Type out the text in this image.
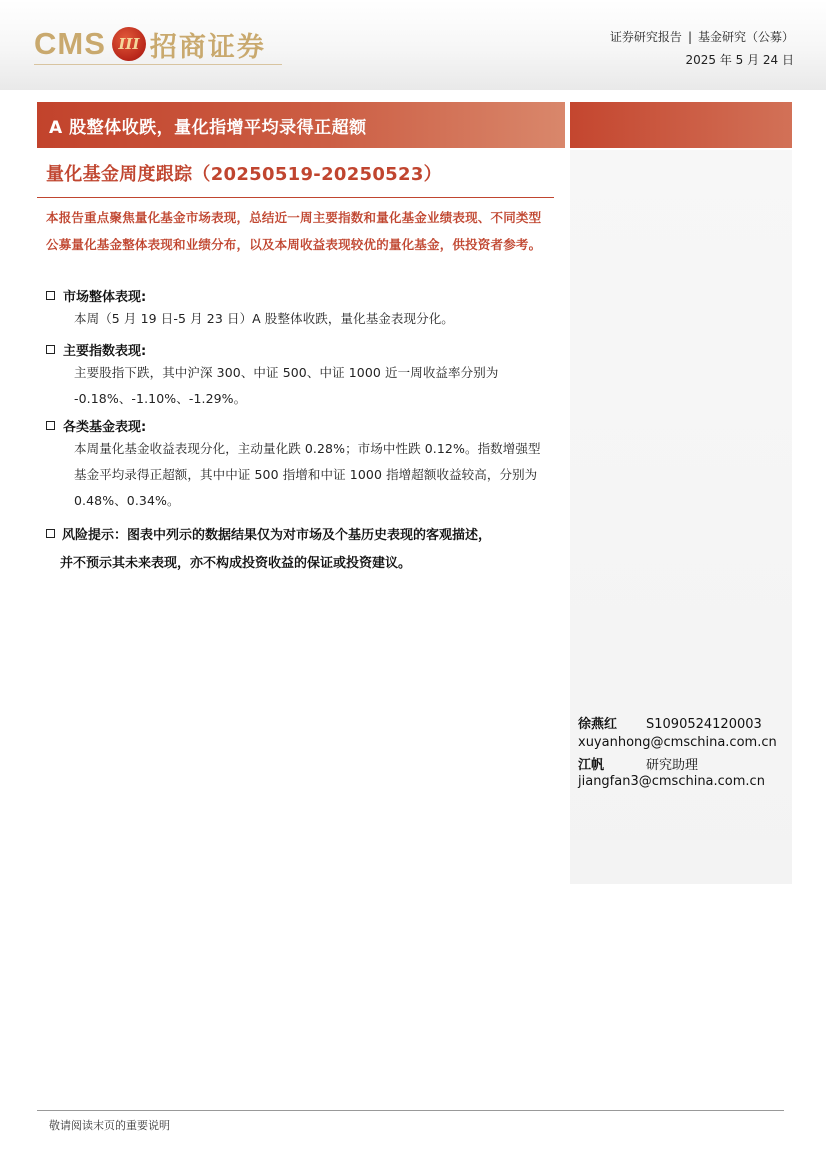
CMS III 招商证券	证券研究报告 | 基金研究（公募）
2025 年 5 月 24 日
A 股整体收跌，量化指增平均录得正超额
量化基金周度跟踪（20250519-20250523）
本报告重点聚焦量化基金市场表现，总结近一周主要指数和量化基金业绩表现、不同类型公募量化基金整体表现和业绩分布，以及本周收益表现较优的量化基金，供投资者参考。
市场整体表现:
本周（5 月 19 日-5 月 23 日）A 股整体收跌，量化基金表现分化。
主要指数表现:
主要股指下跌，其中沪深 300、中证 500、中证 1000 近一周收益率分别为 -0.18%、-1.10%、-1.29%。
各类基金表现:
本周量化基金收益表现分化，主动量化跌 0.28%；市场中性跌 0.12%。指数增强型基金平均录得正超额，其中中证 500 指增和中证 1000 指增超额收益较高，分别为 0.48%、0.34%。
风险提示：图表中列示的数据结果仅为对市场及个基历史表现的客观描述，
并不预示其未来表现，亦不构成投资收益的保证或投资建议。
徐燕红 S1090524120003
xuyanhong@cmschina.com.cn
江帆	研究助理
jiangfan3@cmschina.com.cn
敬请阅读末页的重要说明
